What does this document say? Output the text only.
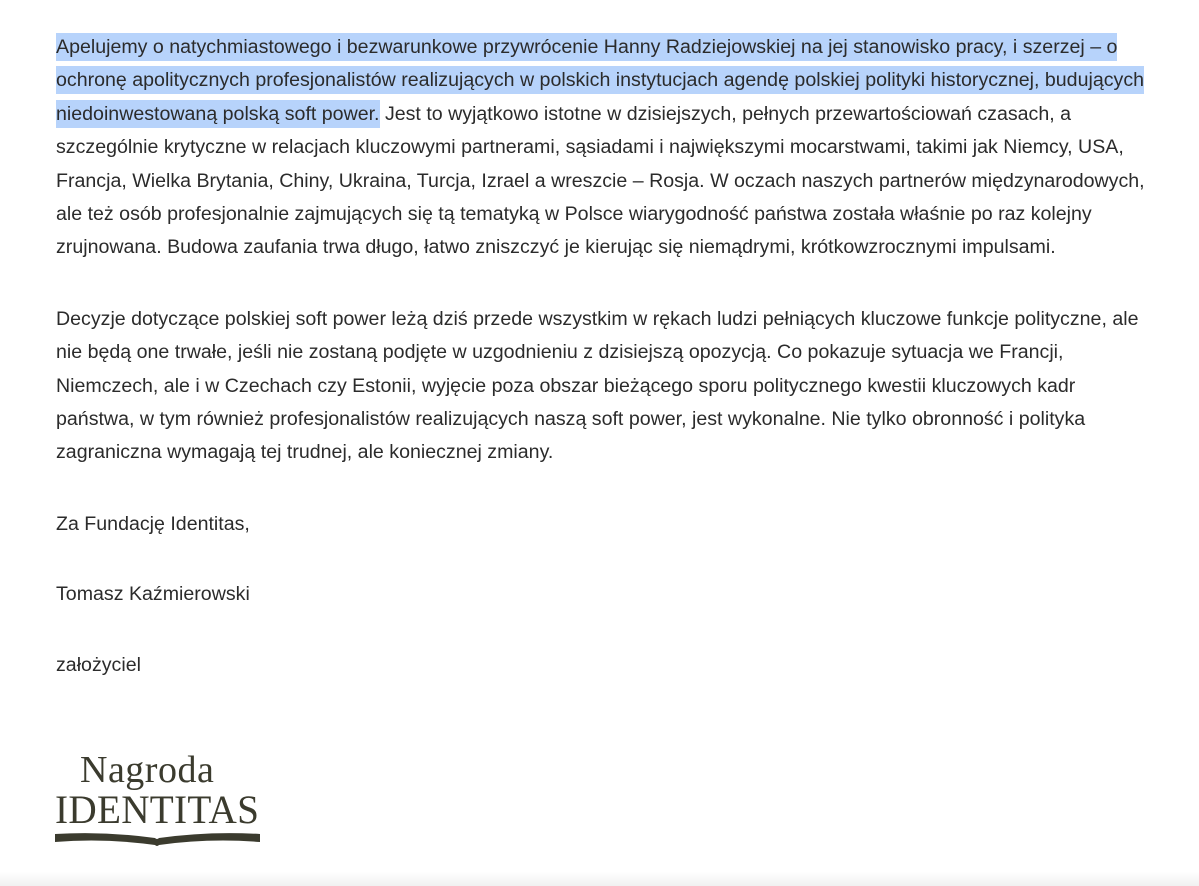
Apelujemy o natychmiastowego i bezwarunkowe przywrócenie Hanny Radziejowskiej na jej stanowisko pracy, i szerzej – o ochronę apolitycznych profesjonalistów realizujących w polskich instytucjach agendę polskiej polityki historycznej, budujących niedoinwestowaną polską soft power. Jest to wyjątkowo istotne w dzisiejszych, pełnych przewartościowań czasach, a szczególnie krytyczne w relacjach kluczowymi partnerami, sąsiadami i największymi mocarstwami, takimi jak Niemcy, USA, Francja, Wielka Brytania, Chiny, Ukraina, Turcja, Izrael a wreszcie – Rosja. W oczach naszych partnerów międzynarodowych, ale też osób profesjonalnie zajmujących się tą tematyką w Polsce wiarygodność państwa została właśnie po raz kolejny zrujnowana. Budowa zaufania trwa długo, łatwo zniszczyć je kierując się niemądrymi, krótkowzrocznymi impulsami.

Decyzje dotyczące polskiej soft power leżą dziś przede wszystkim w rękach ludzi pełniących kluczowe funkcje polityczne, ale nie będą one trwałe, jeśli nie zostaną podjęte w uzgodnieniu z dzisiejszą opozycją. Co pokazuje sytuacja we Francji, Niemczech, ale i w Czechach czy Estonii, wyjęcie poza obszar bieżącego sporu politycznego kwestii kluczowych kadr państwa, w tym również profesjonalistów realizujących naszą soft power, jest wykonalne. Nie tylko obronność i polityka zagraniczna wymagają tej trudnej, ale koniecznej zmiany.

Za Fundację Identitas,

Tomasz Kaźmierowski

założyciel

Nagroda
IDENTITAS
